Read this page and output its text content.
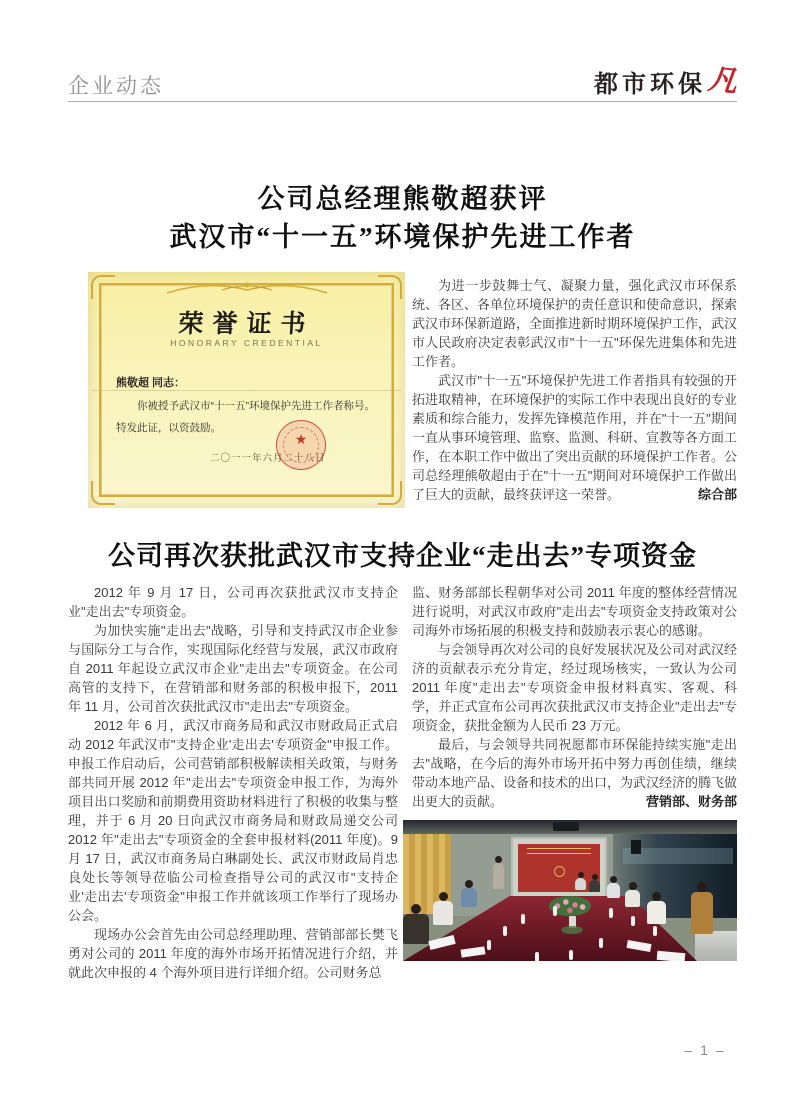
企业动态	都市环保 凡
公司总经理熊敬超获评
武汉市“十一五”环境保护先进工作者
荣誉证书
HONORARY CREDENTIAL
熊敬超 同志：
你被授予武汉市“十一五”环境保护先进工作者称号。
特发此证，以资鼓励。
★
二〇一一年六月二十八日

为进一步鼓舞士气、凝聚力量，强化武汉市环保系统、各区、各单位环境保护的责任意识和使命意识，探索武汉市环保新道路，全面推进新时期环境保护工作，武汉市人民政府决定表彰武汉市"十一五"环保先进集体和先进工作者。

武汉市"十一五"环境保护先进工作者指具有较强的开拓进取精神，在环境保护的实际工作中表现出良好的专业素质和综合能力，发挥先锋模范作用，并在"十一五"期间一直从事环境管理、监察、监测、科研、宣教等各方面工作，在本职工作中做出了突出贡献的环境保护工作者。公司总经理熊敬超由于在"十一五"期间对环境保护工作做出了巨大的贡献，最终获评这一荣誉。	综合部
公司再次获批武汉市支持企业“走出去”专项资金

2012 年 9 月 17 日，公司再次获批武汉市支持企业"走出去"专项资金。

为加快实施"走出去"战略，引导和支持武汉市企业参与国际分工与合作，实现国际化经营与发展，武汉市政府自 2011 年起设立武汉市企业"走出去"专项资金。在公司高管的支持下，在营销部和财务部的积极申报下，2011 年 11 月，公司首次获批武汉市"走出去"专项资金。

2012 年 6 月，武汉市商务局和武汉市财政局正式启动 2012 年武汉市"支持企业'走出去'专项资金"申报工作。申报工作启动后，公司营销部积极解读相关政策，与财务部共同开展 2012 年"走出去"专项资金申报工作，为海外项目出口奖励和前期费用资助材料进行了积极的收集与整理，并于 6 月 20 日向武汉市商务局和财政局递交公司 2012 年"走出去"专项资金的全套申报材料(2011 年度)。9 月 17 日，武汉市商务局白琳副处长、武汉市财政局肖忠良处长等领导莅临公司检查指导公司的武汉市"支持企业'走出去'专项资金"申报工作并就该项工作举行了现场办公会。

现场办公会首先由公司总经理助理、营销部部长樊飞勇对公司的 2011 年度的海外市场开拓情况进行介绍，并就此次申报的 4 个海外项目进行详细介绍。公司财务总

监、财务部部长程朝华对公司 2011 年度的整体经营情况进行说明，对武汉市政府"走出去"专项资金支持政策对公司海外市场拓展的积极支持和鼓励表示衷心的感谢。

与会领导再次对公司的良好发展状况及公司对武汉经济的贡献表示充分肯定，经过现场核实，一致认为公司 2011 年度"走出去"专项资金申报材料真实、客观、科学，并正式宣布公司再次获批武汉市支持企业"走出去"专项资金，获批金额为人民币 23 万元。

最后，与会领导共同祝愿都市环保能持续实施"走出去"战略，在今后的海外市场开拓中努力再创佳绩，继续带动本地产品、设备和技术的出口，为武汉经济的腾飞做出更大的贡献。	营销部、财务部
– 1 –
